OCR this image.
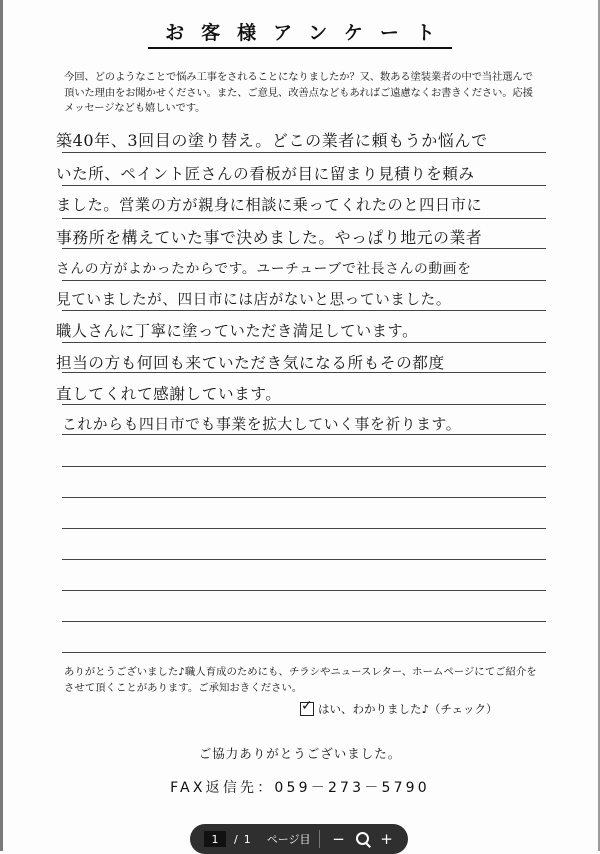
お客様アンケート
今回、どのようなことで悩み工事をされることになりましたか？又、数ある塗装業者の中で当社選んで頂いた理由をお聞かせください。また、ご意見、改善点などもあればご遠慮なくお書きください。応援メッセージなども嬉しいです。
築40年、3回目の塗り替え。どこの業者に頼もうか悩んで
いた所、ペイント匠さんの看板が目に留まり見積りを頼み
ました。営業の方が親身に相談に乗ってくれたのと四日市に
事務所を構えていた事で決めました。やっぱり地元の業者
さんの方がよかったからです。ユーチューブで社長さんの動画を
見ていましたが、四日市には店がないと思っていました。
職人さんに丁寧に塗っていただき満足しています。
担当の方も何回も来ていただき気になる所もその都度
直してくれて感謝しています。
これからも四日市でも事業を拡大していく事を祈ります。
ありがとうございました♪職人育成のためにも、チラシやニュースレター、ホームページにてご紹介をさせて頂くことがあります。ご承知おきください。
✓
はい、わかりました♪（チェック）
ご協力ありがとうございました。
FAX返信先：059－273－5790
1	/ 1 ページ目	−	+
